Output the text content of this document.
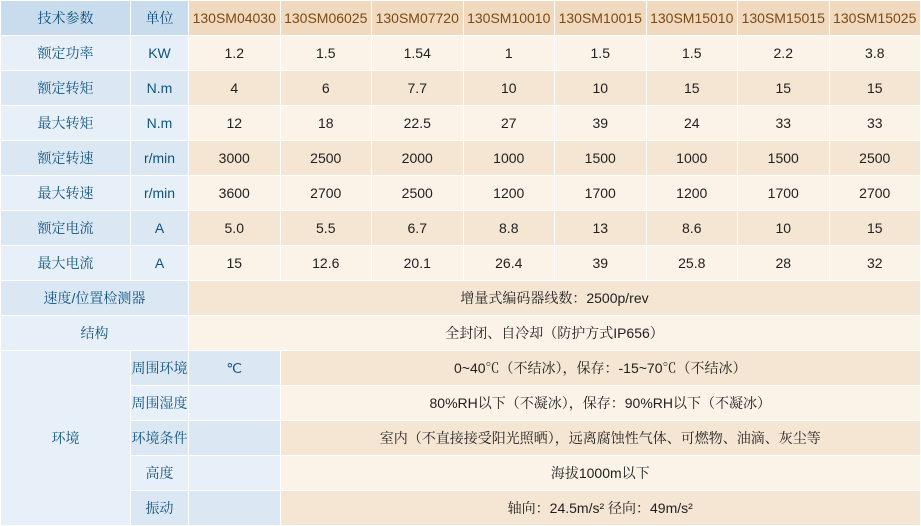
技术参数	单位	130SM04030	130SM06025	130SM07720	130SM10010	130SM10015	130SM15010	130SM15015	130SM15025
额定功率	KW	1.2	1.5	1.54	1	1.5	1.5	2.2	3.8
额定转矩	N.m	4	6	7.7	10	10	15	15	15
最大转矩	N.m	12	18	22.5	27	39	24	33	33
额定转速	r/min	3000	2500	2000	1000	1500	1000	1500	2500
最大转速	r/min	3600	2700	2500	1200	1700	1200	1700	2700
额定电流	A	5.0	5.5	6.7	8.8	13	8.6	10	15
最大电流	A	15	12.6	20.1	26.4	39	25.8	28	32
速度/位置检测器		增量式编码器线数：2500p/rev							
结构		全封闭、自冷却（防护方式IP656）							
环境	周围环境	℃	0~40℃（不结冰），保存：-15~70℃（不结冰）						
	周围湿度		80%RH以下（不凝冰），保存：90%RH以下（不凝冰）						
	环境条件		室内（不直接接受阳光照晒），远离腐蚀性气体、可燃物、油滴、灰尘等						
	高度		海拔1000m以下						
	振动		轴向：24.5m/s² 径向：49m/s²						
